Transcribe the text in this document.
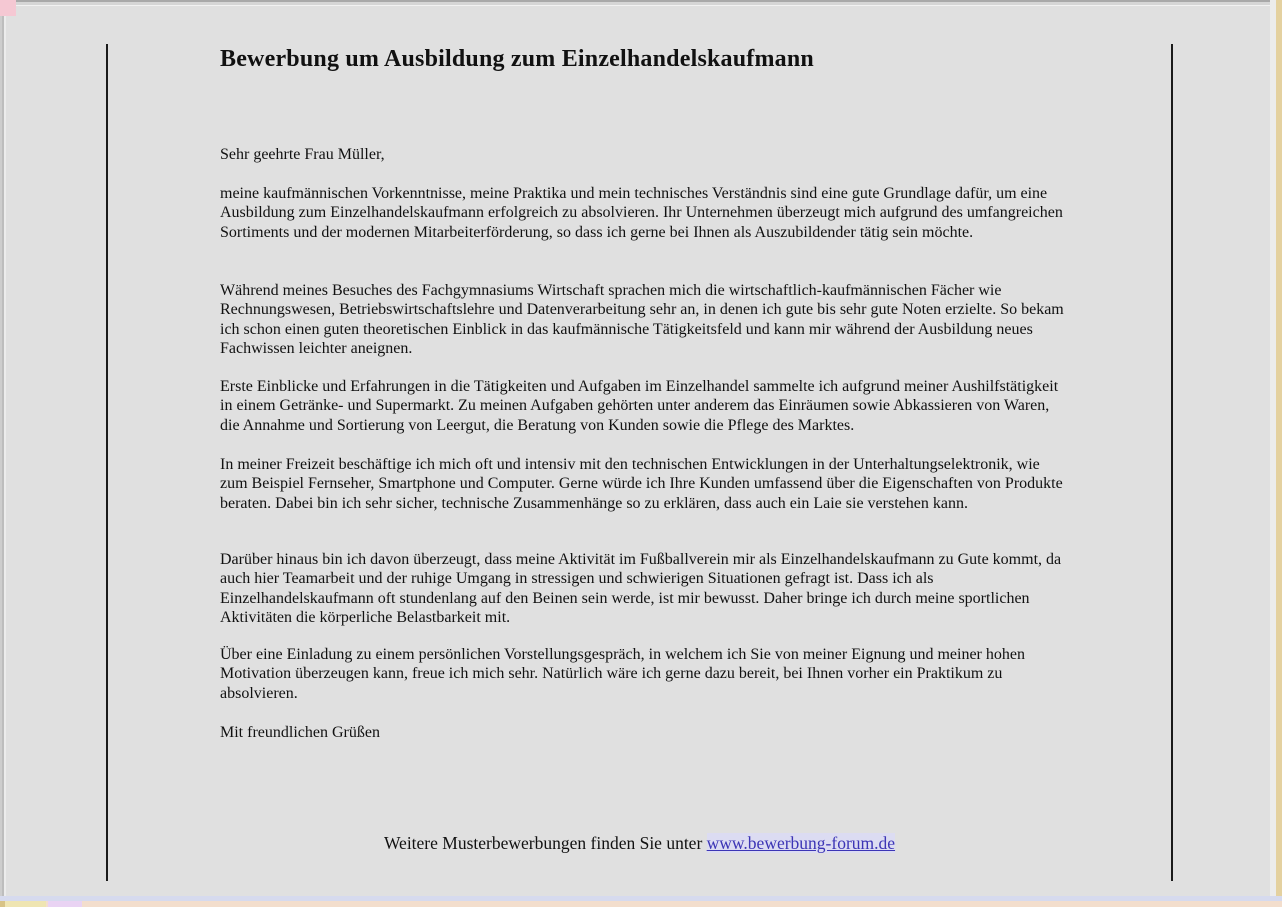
Bewerbung um Ausbildung zum Einzelhandelskaufmann

Sehr geehrte Frau Müller,

meine kaufmännischen Vorkenntnisse, meine Praktika und mein technisches Verständnis sind eine gute Grundlage dafür, um eine Ausbildung zum Einzelhandelskaufmann erfolgreich zu absolvieren. Ihr Unternehmen überzeugt mich aufgrund des umfangreichen Sortiments und der modernen Mitarbeiterförderung, so dass ich gerne bei Ihnen als Auszubildender tätig sein möchte.

Während meines Besuches des Fachgymnasiums Wirtschaft sprachen mich die wirtschaftlich-kaufmännischen Fächer wie Rechnungswesen, Betriebswirtschaftslehre und Datenverarbeitung sehr an, in denen ich gute bis sehr gute Noten erzielte. So bekam ich schon einen guten theoretischen Einblick in das kaufmännische Tätigkeitsfeld und kann mir während der Ausbildung neues Fachwissen leichter aneignen.

Erste Einblicke und Erfahrungen in die Tätigkeiten und Aufgaben im Einzelhandel sammelte ich aufgrund meiner Aushilfstätigkeit in einem Getränke- und Supermarkt. Zu meinen Aufgaben gehörten unter anderem das Einräumen sowie Abkassieren von Waren, die Annahme und Sortierung von Leergut, die Beratung von Kunden sowie die Pflege des Marktes.

In meiner Freizeit beschäftige ich mich oft und intensiv mit den technischen Entwicklungen in der Unterhaltungselektronik, wie zum Beispiel Fernseher, Smartphone und Computer. Gerne würde ich Ihre Kunden umfassend über die Eigenschaften von Produkte beraten. Dabei bin ich sehr sicher, technische Zusammenhänge so zu erklären, dass auch ein Laie sie verstehen kann.

Darüber hinaus bin ich davon überzeugt, dass meine Aktivität im Fußballverein mir als Einzelhandelskaufmann zu Gute kommt, da auch hier Teamarbeit und der ruhige Umgang in stressigen und schwierigen Situationen gefragt ist. Dass ich als Einzelhandelskaufmann oft stundenlang auf den Beinen sein werde, ist mir bewusst. Daher bringe ich durch meine sportlichen Aktivitäten die körperliche Belastbarkeit mit.

Über eine Einladung zu einem persönlichen Vorstellungsgespräch, in welchem ich Sie von meiner Eignung und meiner hohen Motivation überzeugen kann, freue ich mich sehr. Natürlich wäre ich gerne dazu bereit, bei Ihnen vorher ein Praktikum zu absolvieren.

Mit freundlichen Grüßen

Weitere Musterbewerbungen finden Sie unter www.bewerbung-forum.de
